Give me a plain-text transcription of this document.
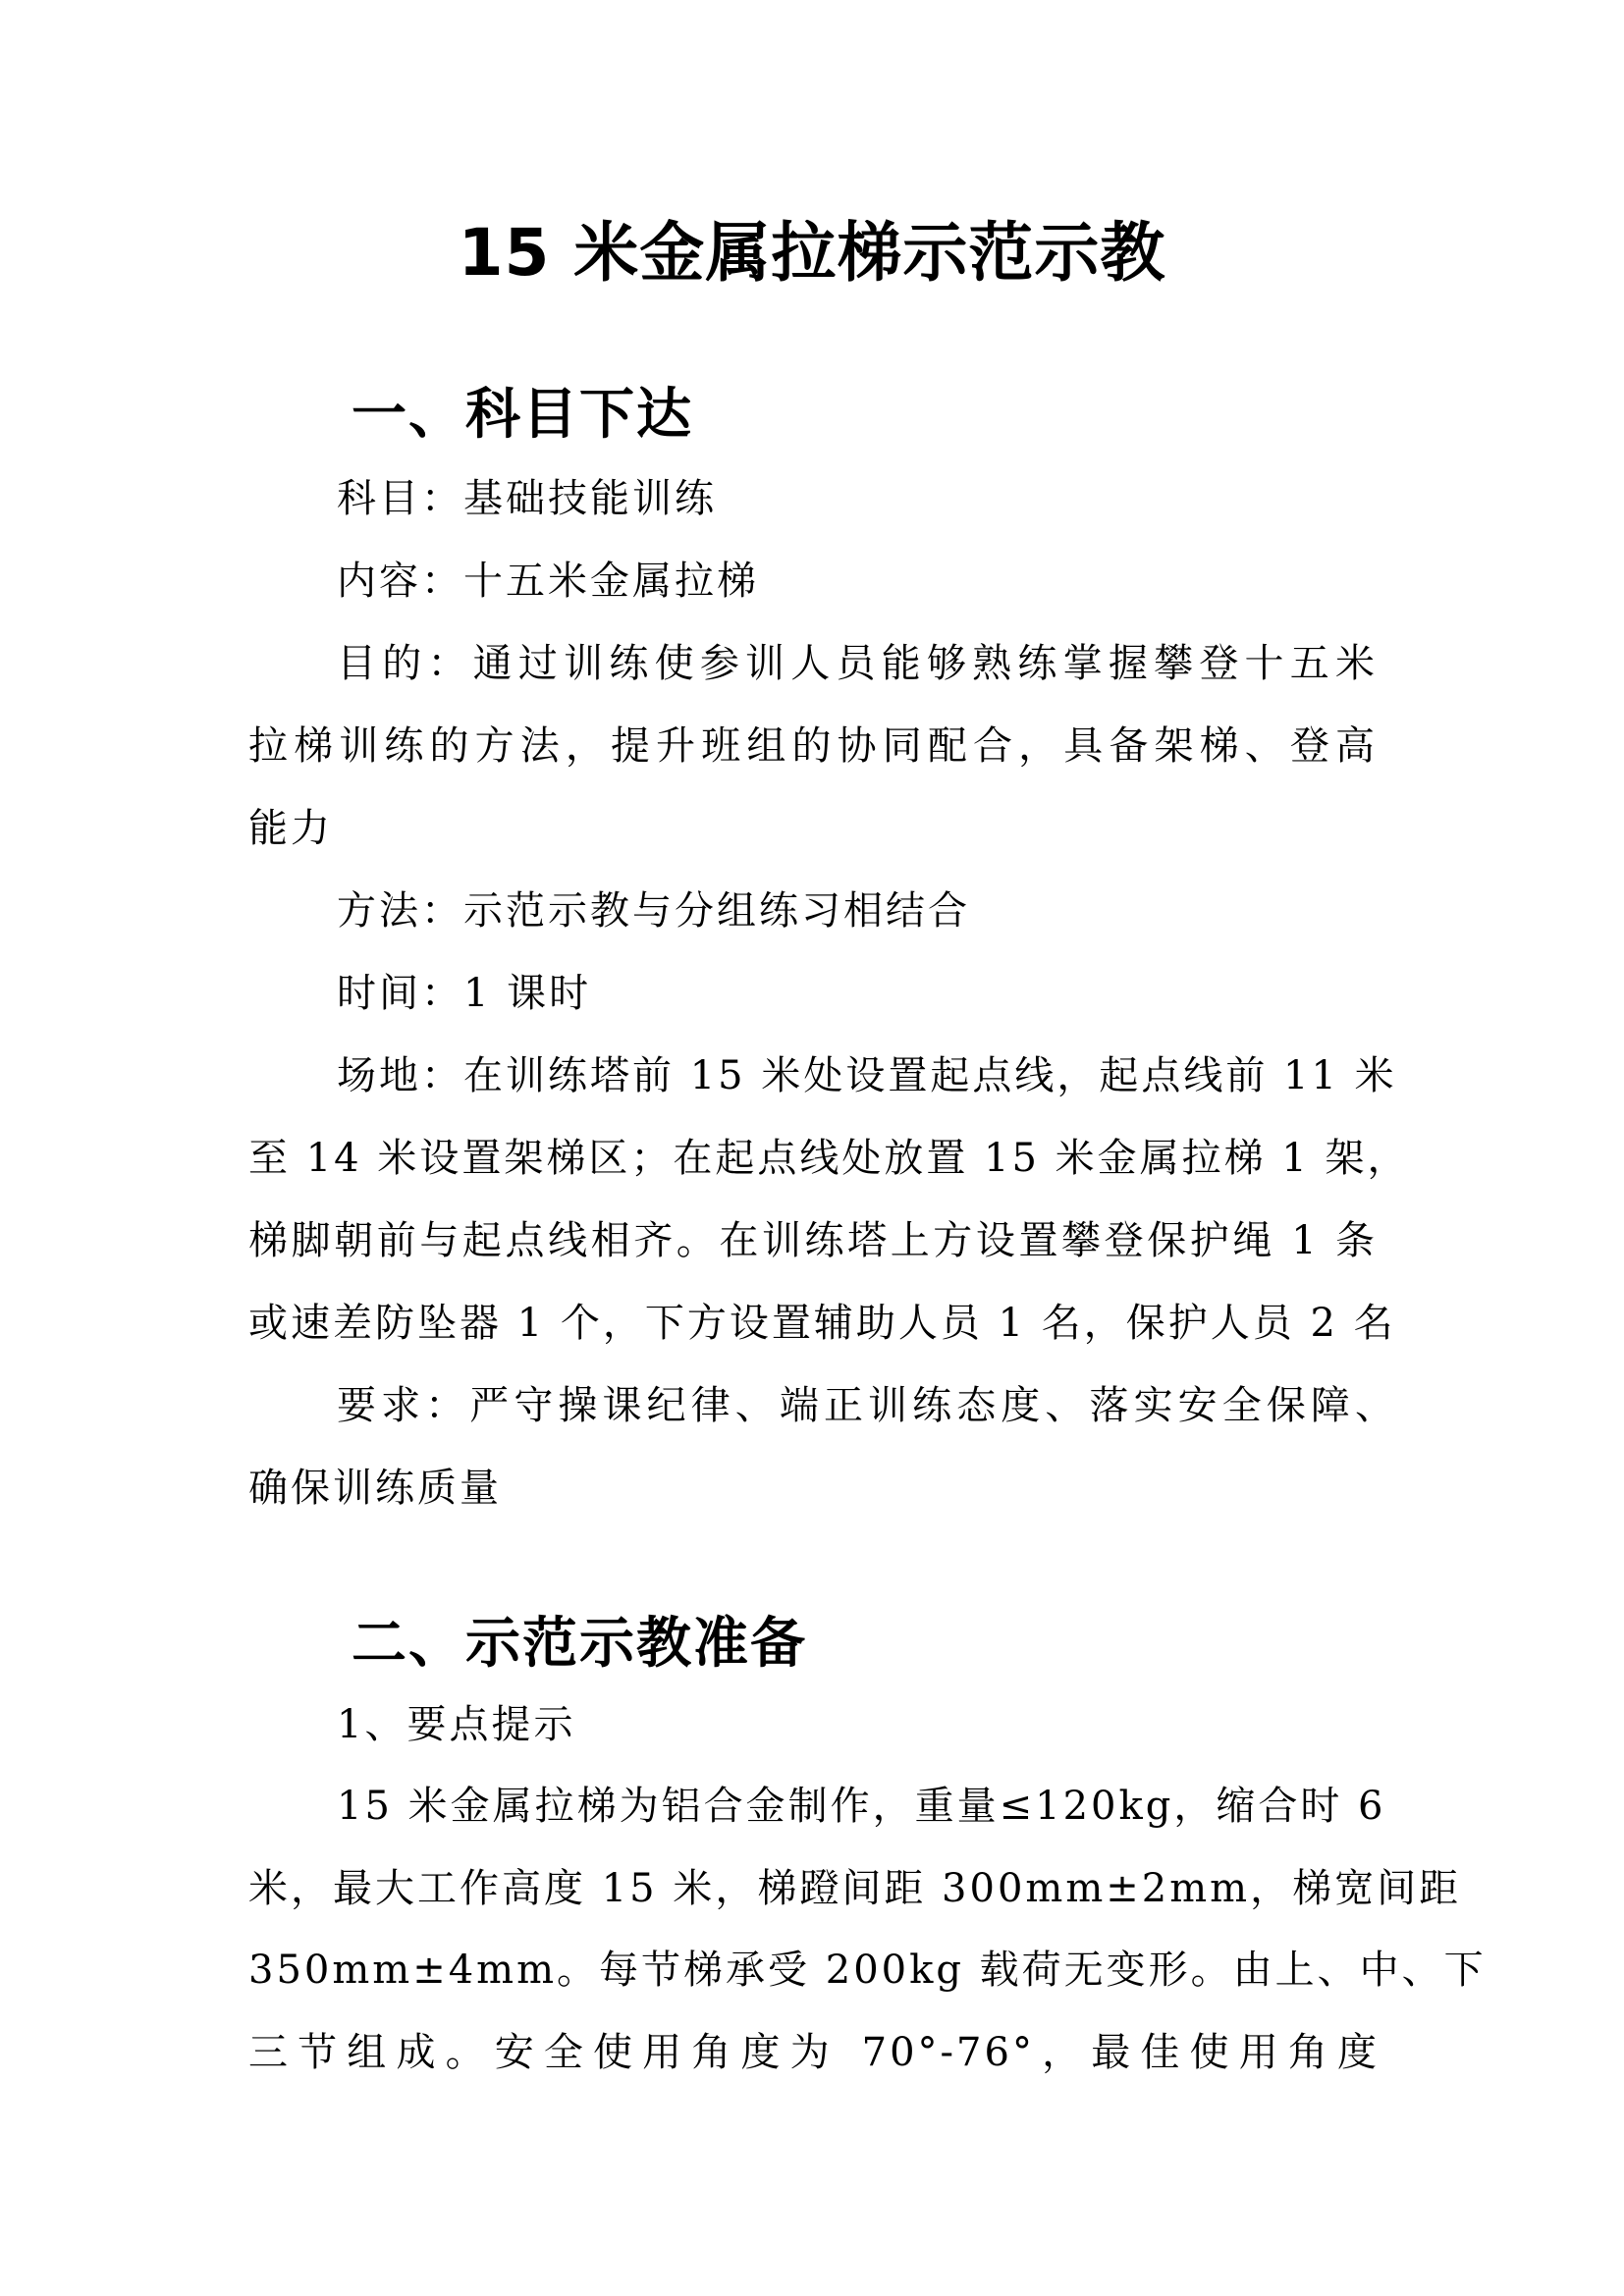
15 米金属拉梯示范示教
一、科目下达
科目：基础技能训练
内容：十五米金属拉梯
目的：通过训练使参训人员能够熟练掌握攀登十五米
拉梯训练的方法，提升班组的协同配合，具备架梯、登高
能力
方法：示范示教与分组练习相结合
时间：1 课时
场地：在训练塔前 15 米处设置起点线，起点线前 11 米
至 14 米设置架梯区；在起点线处放置 15 米金属拉梯 1 架，
梯脚朝前与起点线相齐。在训练塔上方设置攀登保护绳 1 条
或速差防坠器 1 个，下方设置辅助人员 1 名，保护人员 2 名
要求：严守操课纪律、端正训练态度、落实安全保障、
确保训练质量
二、示范示教准备
1、要点提示
15 米金属拉梯为铝合金制作，重量≤120kg，缩合时 6
米，最大工作高度 15 米，梯蹬间距 300mm±2mm，梯宽间距
350mm±4mm。每节梯承受 200kg 载荷无变形。由上、中、下
三节组成。安全使用角度为 70°-76°，最佳使用角度
